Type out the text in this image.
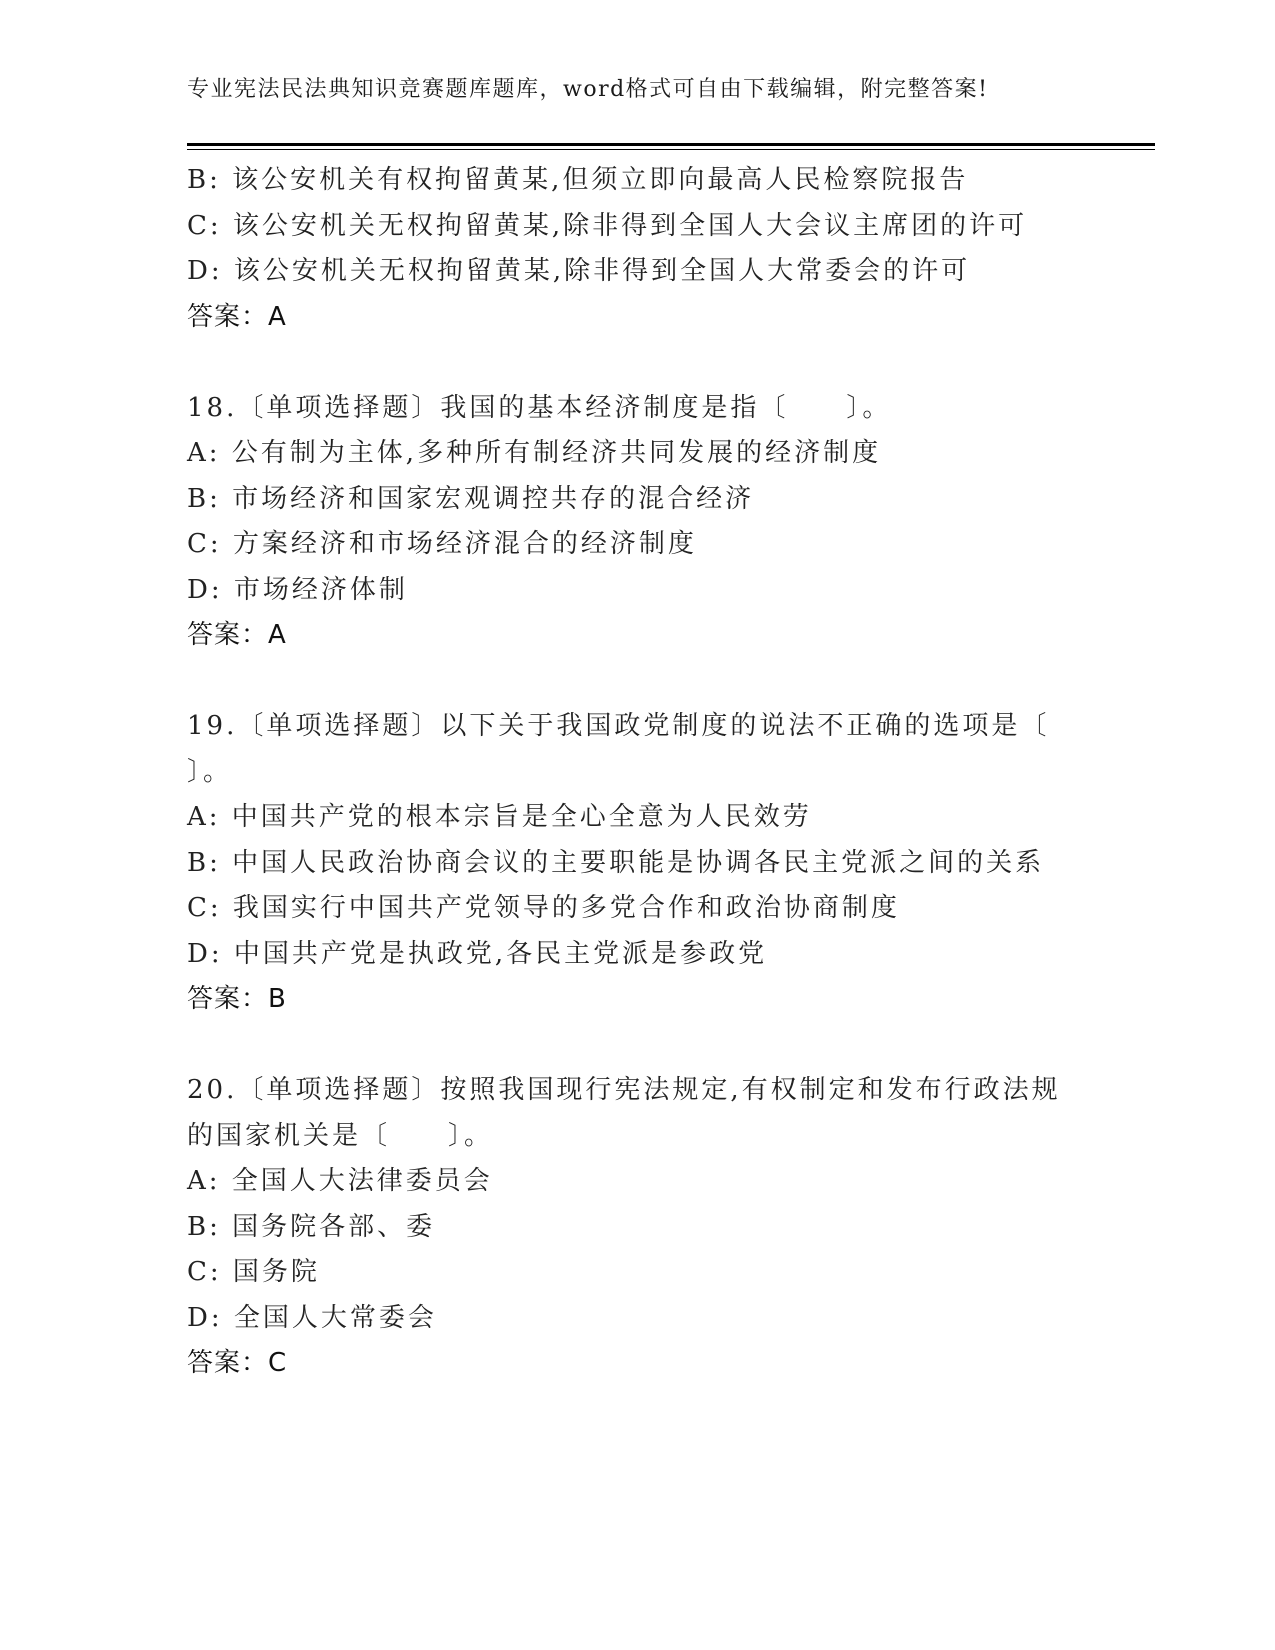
专业宪法民法典知识竞赛题库题库，word格式可自由下载编辑，附完整答案!
B: 该公安机关有权拘留黄某,但须立即向最高人民检察院报告
C: 该公安机关无权拘留黄某,除非得到全国人大会议主席团的许可
D: 该公安机关无权拘留黄某,除非得到全国人大常委会的许可
答案：A
18.〔单项选择题〕我国的基本经济制度是指〔　　〕。
A: 公有制为主体,多种所有制经济共同发展的经济制度
B: 市场经济和国家宏观调控共存的混合经济
C: 方案经济和市场经济混合的经济制度
D: 市场经济体制
答案：A
19.〔单项选择题〕以下关于我国政党制度的说法不正确的选项是〔
〕。
A: 中国共产党的根本宗旨是全心全意为人民效劳
B: 中国人民政治协商会议的主要职能是协调各民主党派之间的关系
C: 我国实行中国共产党领导的多党合作和政治协商制度
D: 中国共产党是执政党,各民主党派是参政党
答案：B
20.〔单项选择题〕按照我国现行宪法规定,有权制定和发布行政法规
的国家机关是〔　　〕。
A: 全国人大法律委员会
B: 国务院各部、委
C: 国务院
D: 全国人大常委会
答案：C
